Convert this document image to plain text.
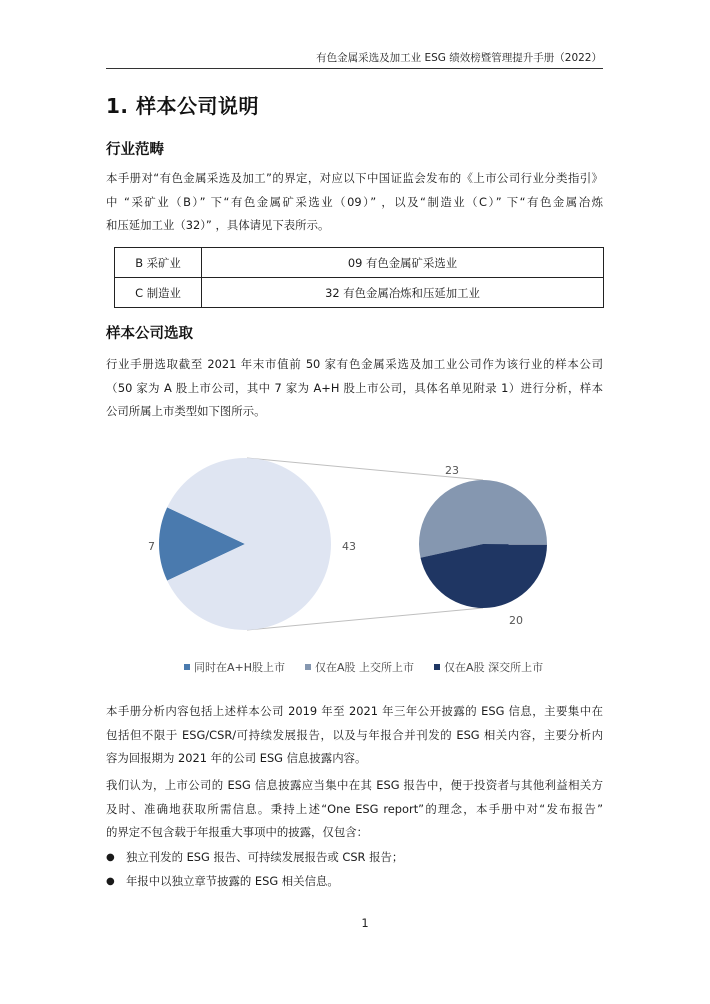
有色金属采选及加工业 ESG 绩效榜暨管理提升手册（2022）
1. 样本公司说明
行业范畴
本手册对“有色金属采选及加工”的界定，对应以下中国证监会发布的《上市公司行业分类指引》
中 “采矿业（B）” 下“有色金属矿采选业（09）” ，以及“制造业（C）” 下“有色金属冶炼
和压延加工业（32）” ，具体请见下表所示。
B 采矿业	09 有色金属矿采选业
C 制造业	32 有色金属冶炼和压延加工业
样本公司选取
行业手册选取截至 2021 年末市值前 50 家有色金属采选及加工业公司作为该行业的样本公司
（50 家为 A 股上市公司，其中 7 家为 A+H 股上市公司，具体名单见附录 1）进行分析，样本
公司所属上市类型如下图所示。
7	43
23
20
同时在A+H股上市	仅在A股 上交所上市	仅在A股 深交所上市
本手册分析内容包括上述样本公司 2019 年至 2021 年三年公开披露的 ESG 信息，主要集中在
包括但不限于 ESG/CSR/可持续发展报告，以及与年报合并刊发的 ESG 相关内容，主要分析内
容为回报期为 2021 年的公司 ESG 信息披露内容。
我们认为，上市公司的 ESG 信息披露应当集中在其 ESG 报告中，便于投资者与其他利益相关方
及时、准确地获取所需信息。秉持上述“One ESG report”的理念，本手册中对“发布报告”
的界定不包含载于年报重大事项中的披露，仅包含：
● 独立刊发的 ESG 报告、可持续发展报告或 CSR 报告；
● 年报中以独立章节披露的 ESG 相关信息。
1
